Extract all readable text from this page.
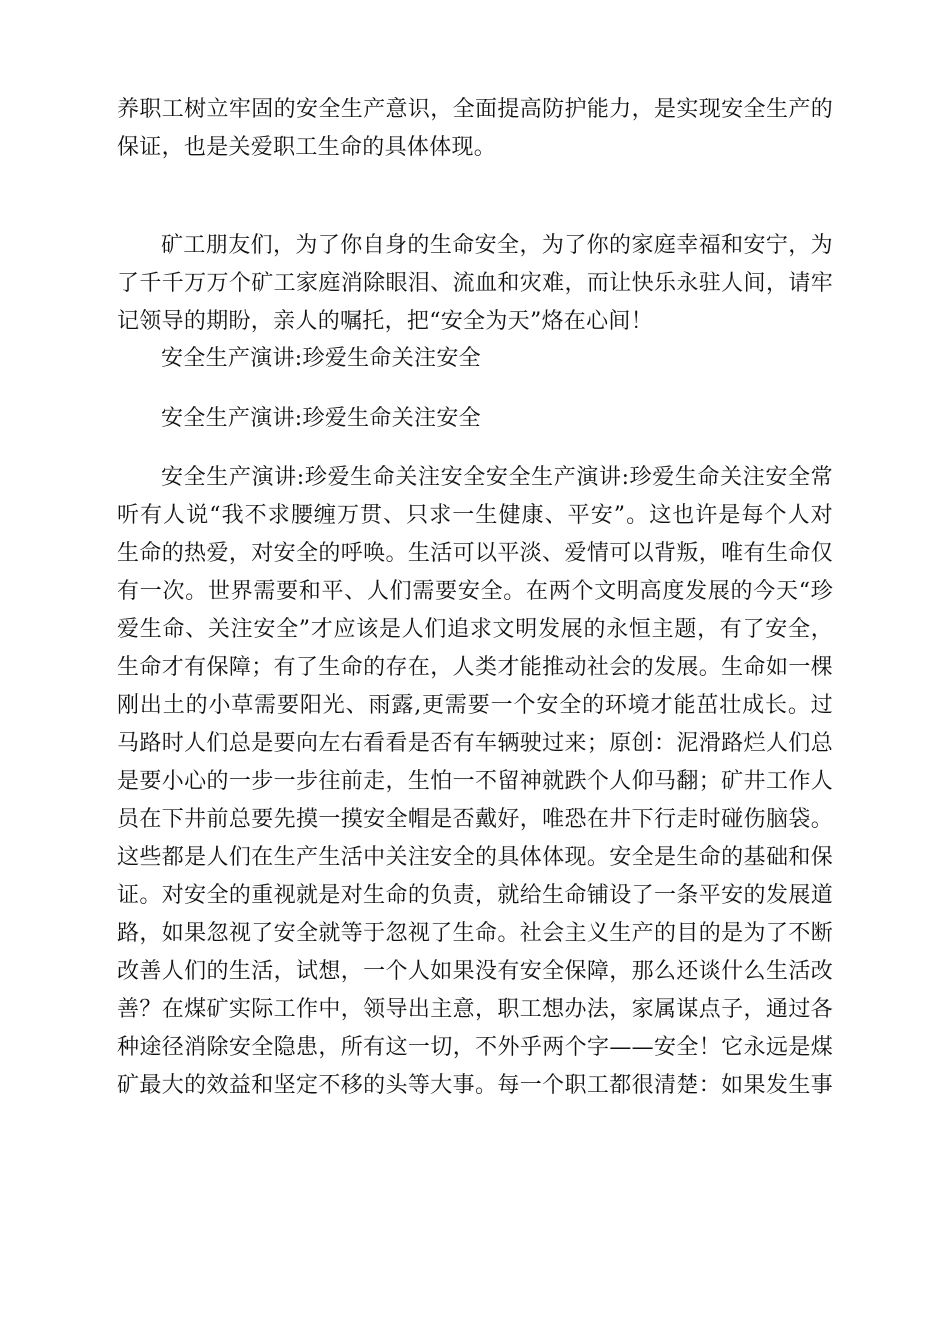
养职工树立牢固的安全生产意识，全面提高防护能力，是实现安全生产的
保证，也是关爱职工生命的具体体现。
矿工朋友们，为了你自身的生命安全，为了你的家庭幸福和安宁，为
了千千万万个矿工家庭消除眼泪、流血和灾难，而让快乐永驻人间，请牢
记领导的期盼，亲人的嘱托，把“安全为天”烙在心间！
安全生产演讲:珍爱生命关注安全
安全生产演讲:珍爱生命关注安全
安全生产演讲:珍爱生命关注安全安全生产演讲:珍爱生命关注安全常
听有人说“我不求腰缠万贯、只求一生健康、平安”。这也许是每个人对
生命的热爱，对安全的呼唤。生活可以平淡、爱情可以背叛，唯有生命仅
有一次。世界需要和平、人们需要安全。在两个文明高度发展的今天“珍
爱生命、关注安全”才应该是人们追求文明发展的永恒主题，有了安全，
生命才有保障；有了生命的存在，人类才能推动社会的发展。生命如一棵
刚出土的小草需要阳光、雨露,更需要一个安全的环境才能茁壮成长。过
马路时人们总是要向左右看看是否有车辆驶过来；原创：泥滑路烂人们总
是要小心的一步一步往前走，生怕一不留神就跌个人仰马翻；矿井工作人
员在下井前总要先摸一摸安全帽是否戴好，唯恐在井下行走时碰伤脑袋。
这些都是人们在生产生活中关注安全的具体体现。安全是生命的基础和保
证。对安全的重视就是对生命的负责，就给生命铺设了一条平安的发展道
路，如果忽视了安全就等于忽视了生命。社会主义生产的目的是为了不断
改善人们的生活，试想，一个人如果没有安全保障，那么还谈什么生活改
善？在煤矿实际工作中，领导出主意，职工想办法，家属谋点子，通过各
种途径消除安全隐患，所有这一切，不外乎两个字——安全！它永远是煤
矿最大的效益和坚定不移的头等大事。每一个职工都很清楚：如果发生事
